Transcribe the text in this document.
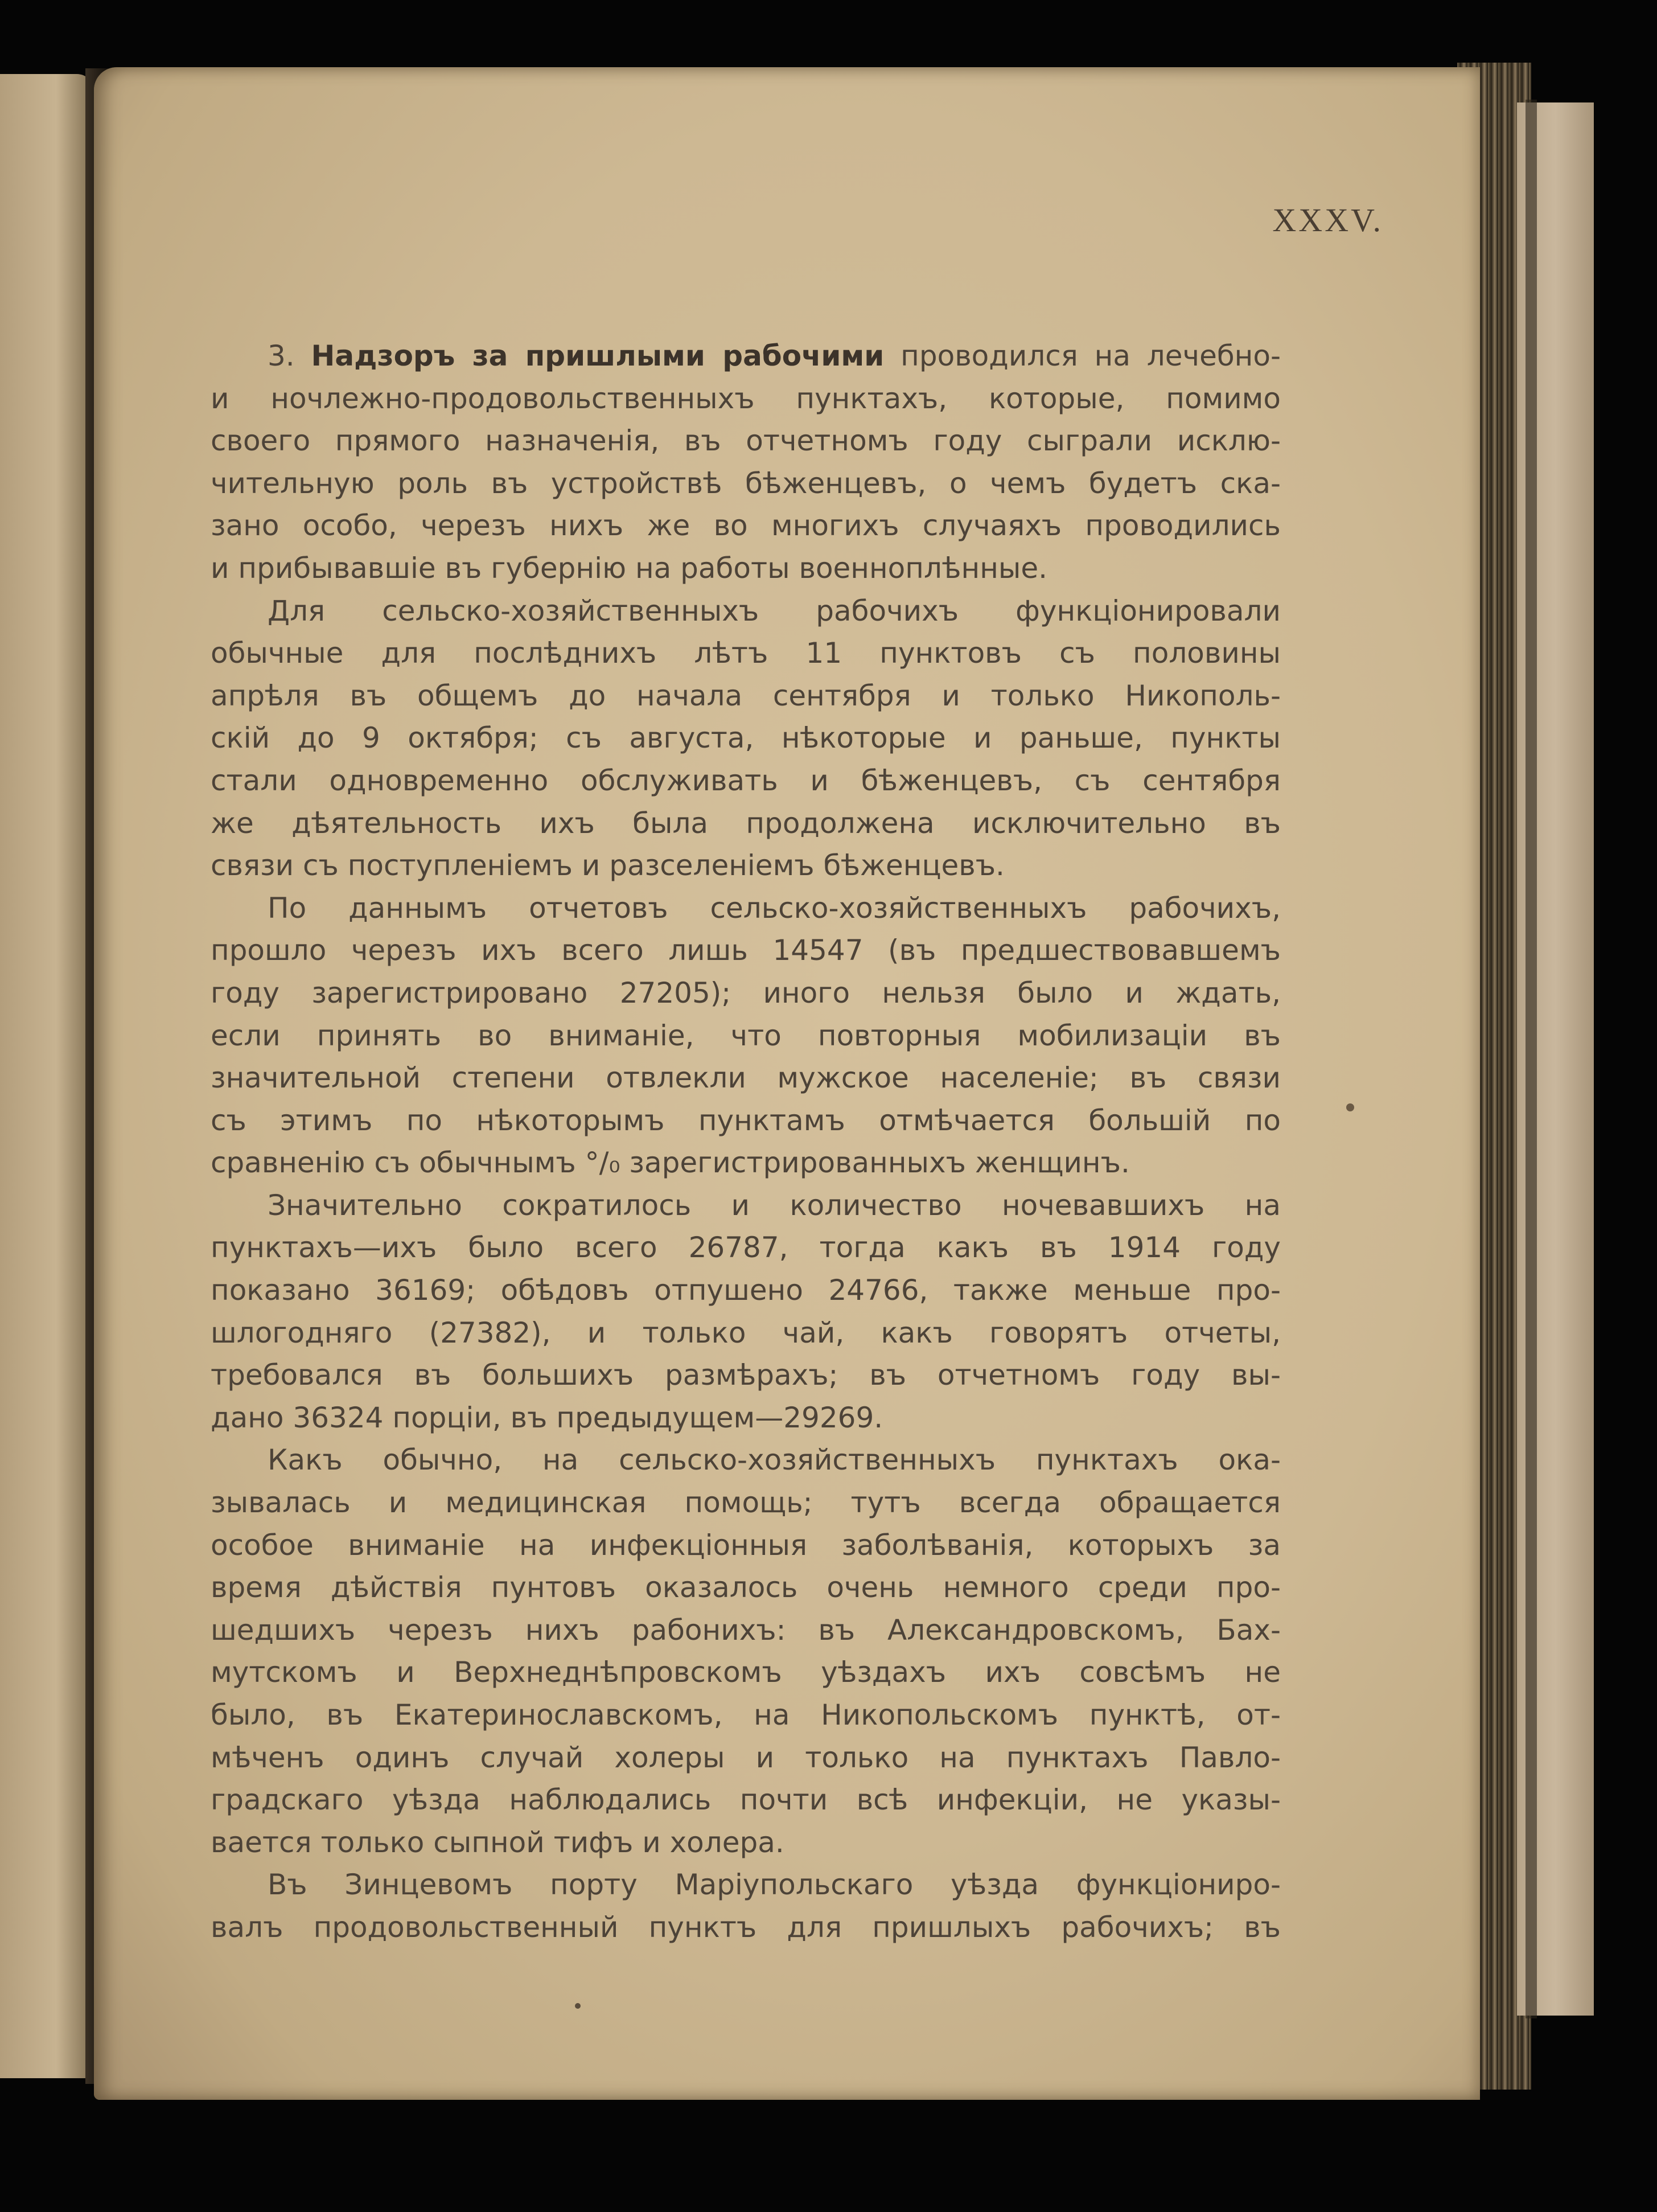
XXXV.
3. Надзоръ за пришлыми рабочими проводился на лечебно-
и ночлежно-продовольственныхъ пунктахъ, которые, помимо
своего прямого назначенія, въ отчетномъ году сыграли исклю-
чительную роль въ устройствѣ бѣженцевъ, о чемъ будетъ ска-
зано особо, черезъ нихъ же во многихъ случаяхъ проводились
и прибывавшіе въ губернію на работы военноплѣнные.
Для сельско-хозяйственныхъ рабочихъ функціонировали
обычные для послѣднихъ лѣтъ 11 пунктовъ съ половины
апрѣля въ общемъ до начала сентября и только Никополь-
скій до 9 октября; съ августа, нѣкоторые и раньше, пункты
стали одновременно обслуживать и бѣженцевъ, съ сентября
же дѣятельность ихъ была продолжена исключительно въ
связи съ поступленіемъ и разселеніемъ бѣженцевъ.
По даннымъ отчетовъ сельско-хозяйственныхъ рабочихъ,
прошло черезъ ихъ всего лишь 14547 (въ предшествовавшемъ
году зарегистрировано 27205); иного нельзя было и ждать,
если принять во вниманіе, что повторныя мобилизаціи въ
значительной степени отвлекли мужское населеніе; въ связи
съ этимъ по нѣкоторымъ пунктамъ отмѣчается большій по
сравненію съ обычнымъ °/₀ зарегистрированныхъ женщинъ.
Значительно сократилось и количество ночевавшихъ на
пунктахъ—ихъ было всего 26787, тогда какъ въ 1914 году
показано 36169; обѣдовъ отпушено 24766, также меньше про-
шлогодняго (27382), и только чай, какъ говорятъ отчеты,
требовался въ большихъ размѣрахъ; въ отчетномъ году вы-
дано 36324 порціи, въ предыдущем—29269.
Какъ обычно, на сельско-хозяйственныхъ пунктахъ ока-
зывалась и медицинская помощь; тутъ всегда обращается
особое вниманіе на инфекціонныя заболѣванія, которыхъ за
время дѣйствія пунтовъ оказалось очень немного среди про-
шедшихъ черезъ нихъ рабонихъ: въ Александровскомъ, Бах-
мутскомъ и Верхнеднѣпровскомъ уѣздахъ ихъ совсѣмъ не
было, въ Екатеринославскомъ, на Никопольскомъ пунктѣ, от-
мѣченъ одинъ случай холеры и только на пунктахъ Павло-
градскаго уѣзда наблюдались почти всѣ инфекціи, не указы-
вается только сыпной тифъ и холера.
Въ Зинцевомъ порту Маріупольскаго уѣзда функціониро-
валъ продовольственный пунктъ для пришлыхъ рабочихъ; въ
